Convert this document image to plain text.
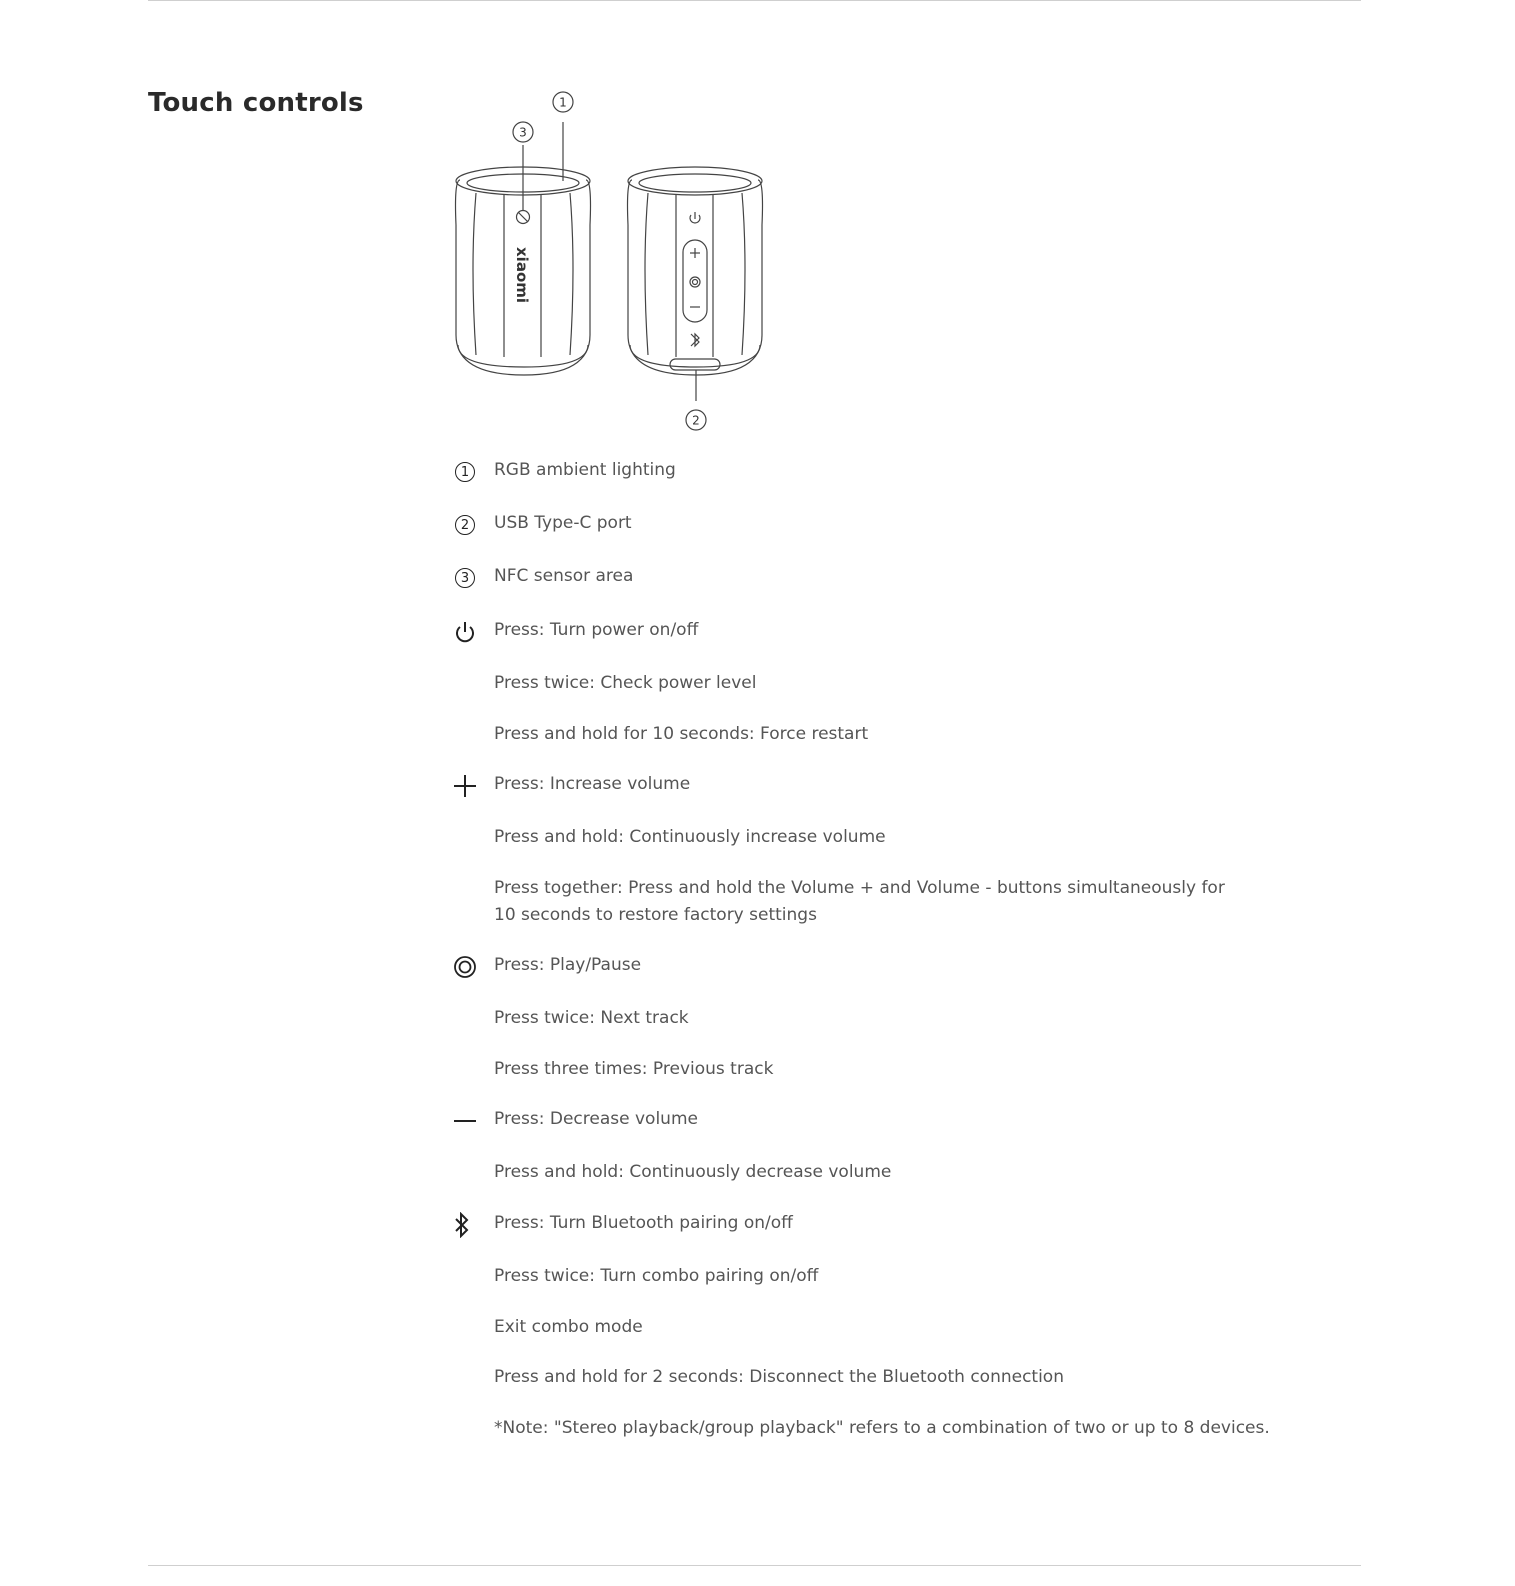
Touch controls
xiaomi
1
3
2
1	RGB ambient lighting
2	USB Type-C port
3	NFC sensor area
Press: Turn power on/off
Press twice: Check power level
Press and hold for 10 seconds: Force restart
Press: Increase volume
Press and hold: Continuously increase volume
Press together: Press and hold the Volume + and Volume - buttons simultaneously for 10 seconds to restore factory settings
Press: Play/Pause
Press twice: Next track
Press three times: Previous track
Press: Decrease volume
Press and hold: Continuously decrease volume
Press: Turn Bluetooth pairing on/off
Press twice: Turn combo pairing on/off
Exit combo mode
Press and hold for 2 seconds: Disconnect the Bluetooth connection
*Note: "Stereo playback/group playback" refers to a combination of two or up to 8 devices.
